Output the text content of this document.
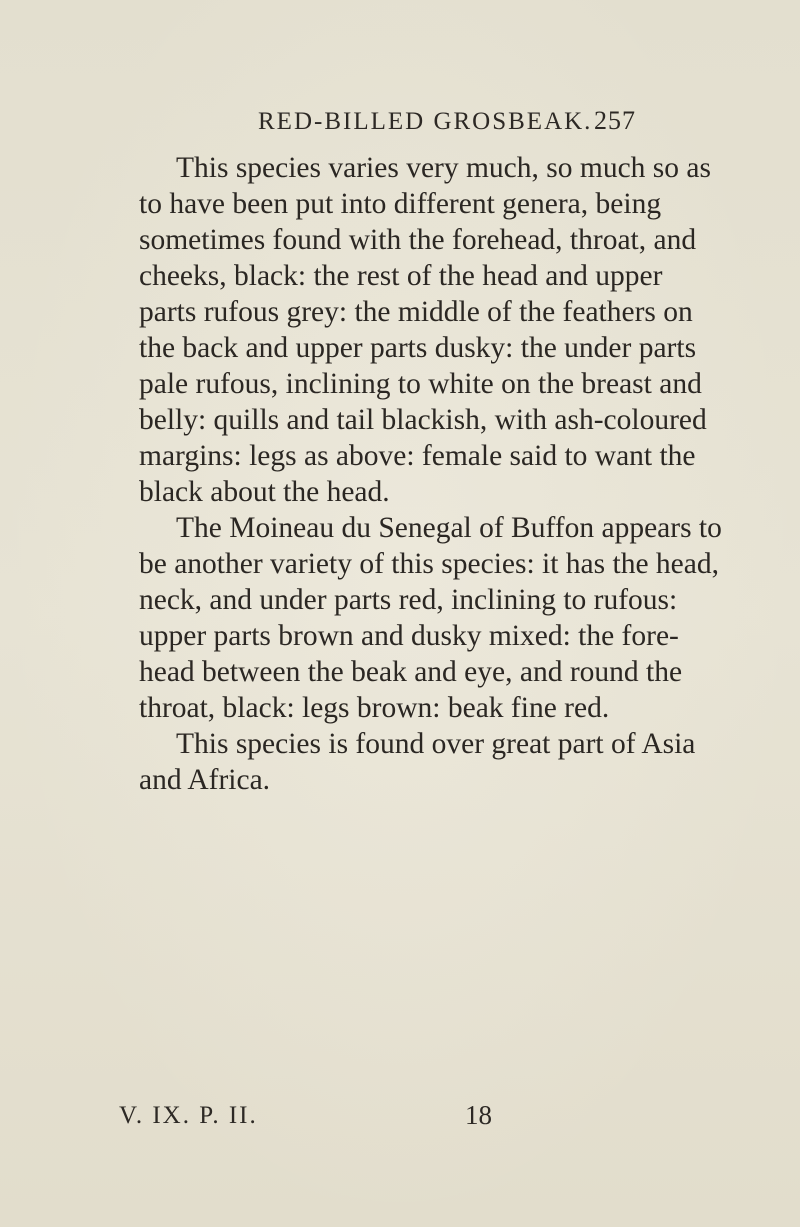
RED-BILLED GROSBEAK. 257
This species varies very much, so much so as
to have been put into different genera, being
sometimes found with the forehead, throat, and
cheeks, black: the rest of the head and upper
parts rufous grey: the middle of the feathers on
the back and upper parts dusky: the under parts
pale rufous, inclining to white on the breast and
belly: quills and tail blackish, with ash-coloured
margins: legs as above: female said to want the
black about the head.
The Moineau du Senegal of Buffon appears to
be another variety of this species: it has the head,
neck, and under parts red, inclining to rufous:
upper parts brown and dusky mixed: the fore-
head between the beak and eye, and round the
throat, black: legs brown: beak fine red.
This species is found over great part of Asia
and Africa.
V. IX. P. II.	18
